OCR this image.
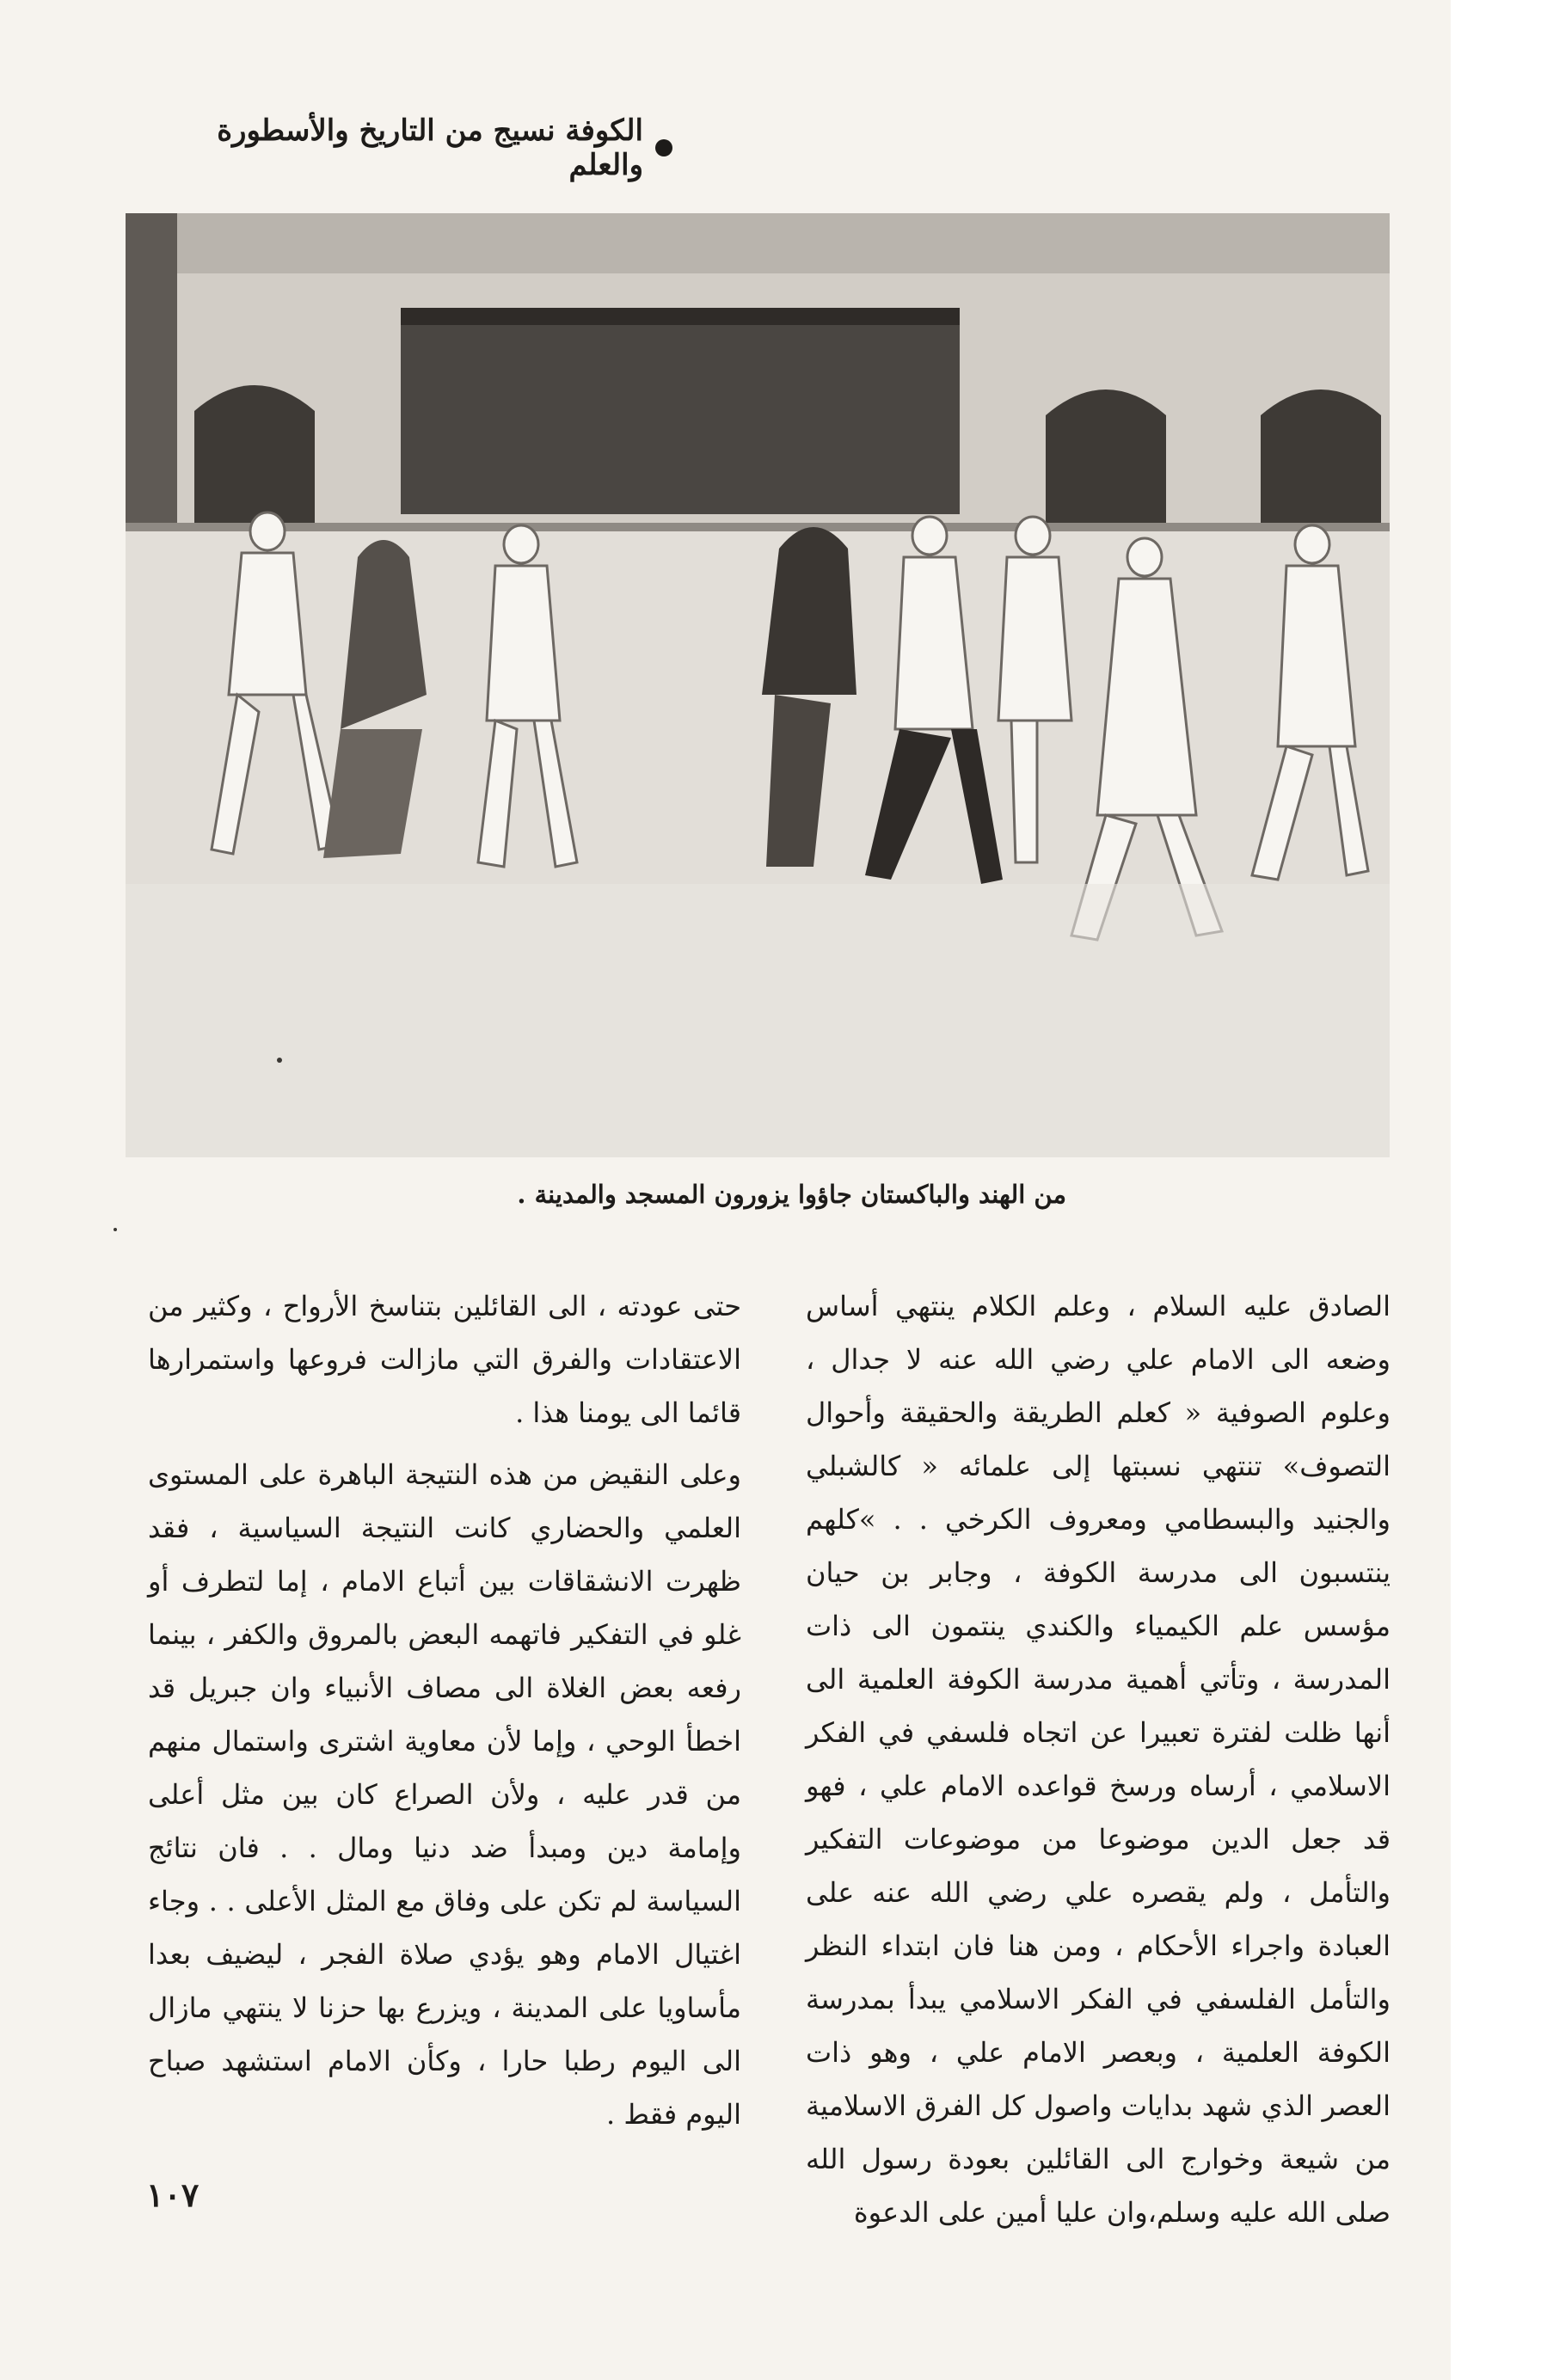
الكوفة نسيج من التاريخ والأسطورة والعلم
من الهند والباكستان جاؤوا يزورون المسجد والمدينة .

الصادق عليه السلام ، وعلم الكلام ينتهي أساس وضعه الى الامام علي رضي الله عنه لا جدال ، وعلوم الصوفية « كعلم الطريقة والحقيقة وأحوال التصوف» تنتهي نسبتها إلى علمائه « كالشبلي والجنيد والبسطامي ومعروف الكرخي . . »كلهم ينتسبون الى مدرسة الكوفة ، وجابر بن حيان مؤسس علم الكيمياء والكندي ينتمون الى ذات المدرسة ، وتأتي أهمية مدرسة الكوفة العلمية الى أنها ظلت لفترة تعبيرا عن اتجاه فلسفي في الفكر الاسلامي ، أرساه ورسخ قواعده الامام علي ، فهو قد جعل الدين موضوعا من موضوعات التفكير والتأمل ، ولم يقصره علي رضي الله عنه على العبادة واجراء الأحكام ، ومن هنا فان ابتداء النظر والتأمل الفلسفي في الفكر الاسلامي يبدأ بمدرسة الكوفة العلمية ، وبعصر الامام علي ، وهو ذات العصر الذي شهد بدايات واصول كل الفرق الاسلامية من شيعة وخوارج الى القائلين بعودة رسول الله صلى الله عليه وسلم،وان عليا أمين على الدعوة

حتى عودته ، الى القائلين بتناسخ الأرواح ، وكثير من الاعتقادات والفرق التي مازالت فروعها واستمرارها قائما الى يومنا هذا .

وعلى النقيض من هذه النتيجة الباهرة على المستوى العلمي والحضاري كانت النتيجة السياسية ، فقد ظهرت الانشقاقات بين أتباع الامام ، إما لتطرف أو غلو في التفكير فاتهمه البعض بالمروق والكفر ، بينما رفعه بعض الغلاة الى مصاف الأنبياء وان جبريل قد اخطأ الوحي ، وإما لأن معاوية اشترى واستمال منهم من قدر عليه ، ولأن الصراع كان بين مثل أعلى وإمامة دين ومبدأ ضد دنيا ومال . . فان نتائج السياسة لم تكن على وفاق مع المثل الأعلى . . وجاء اغتيال الامام وهو يؤدي صلاة الفجر ، ليضيف بعدا مأساويا على المدينة ، ويزرع بها حزنا لا ينتهي مازال الى اليوم رطبا حارا ، وكأن الامام استشهد صباح اليوم فقط .

١٠٧
